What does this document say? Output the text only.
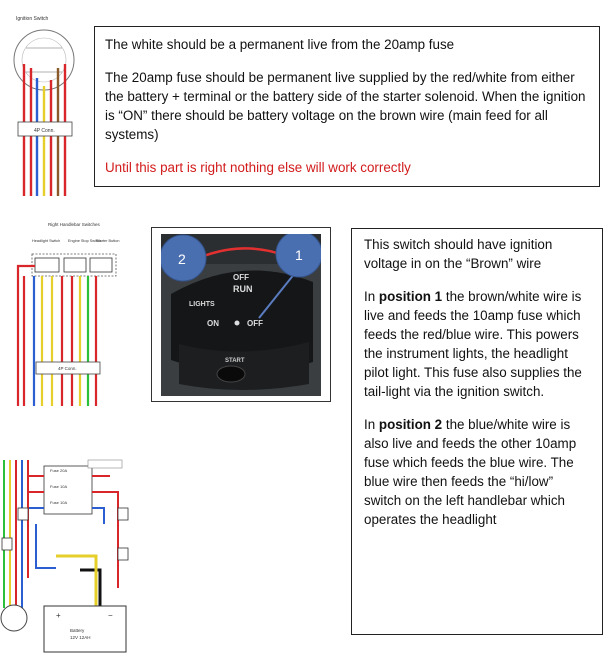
The white should be a permanent live from the 20amp fuse

The 20amp fuse should be permanent live supplied by the red/white from either the battery + terminal or the battery side of the starter solenoid. When the ignition is “ON” there should be battery voltage on the brown wire (main feed for all systems)

Until this part is right nothing else will work correctly

This switch should have ignition voltage in on the “Brown” wire

In position 1 the brown/white wire is live and feeds the 10amp fuse which feeds the red/blue wire. This powers the instrument lights, the headlight pilot light. This fuse also supplies the tail-light via the ignition switch.

In position 2 the blue/white wire is also live and feeds the other 10amp fuse which feeds the blue wire. The blue wire then feeds the “hi/low” switch on the left handlebar which operates the headlight

Ignition Switch
4P Conn.
Right Handlebar Switches
Headlight Switch Engine Stop Switch
Starter Button
4P Conn.
OFF
RUN
LIGHTS
ON	OFF
START
2	1
Fuse 20A
Fuse 10A
Fuse 10A
+	−
Battery
12V 12AH
